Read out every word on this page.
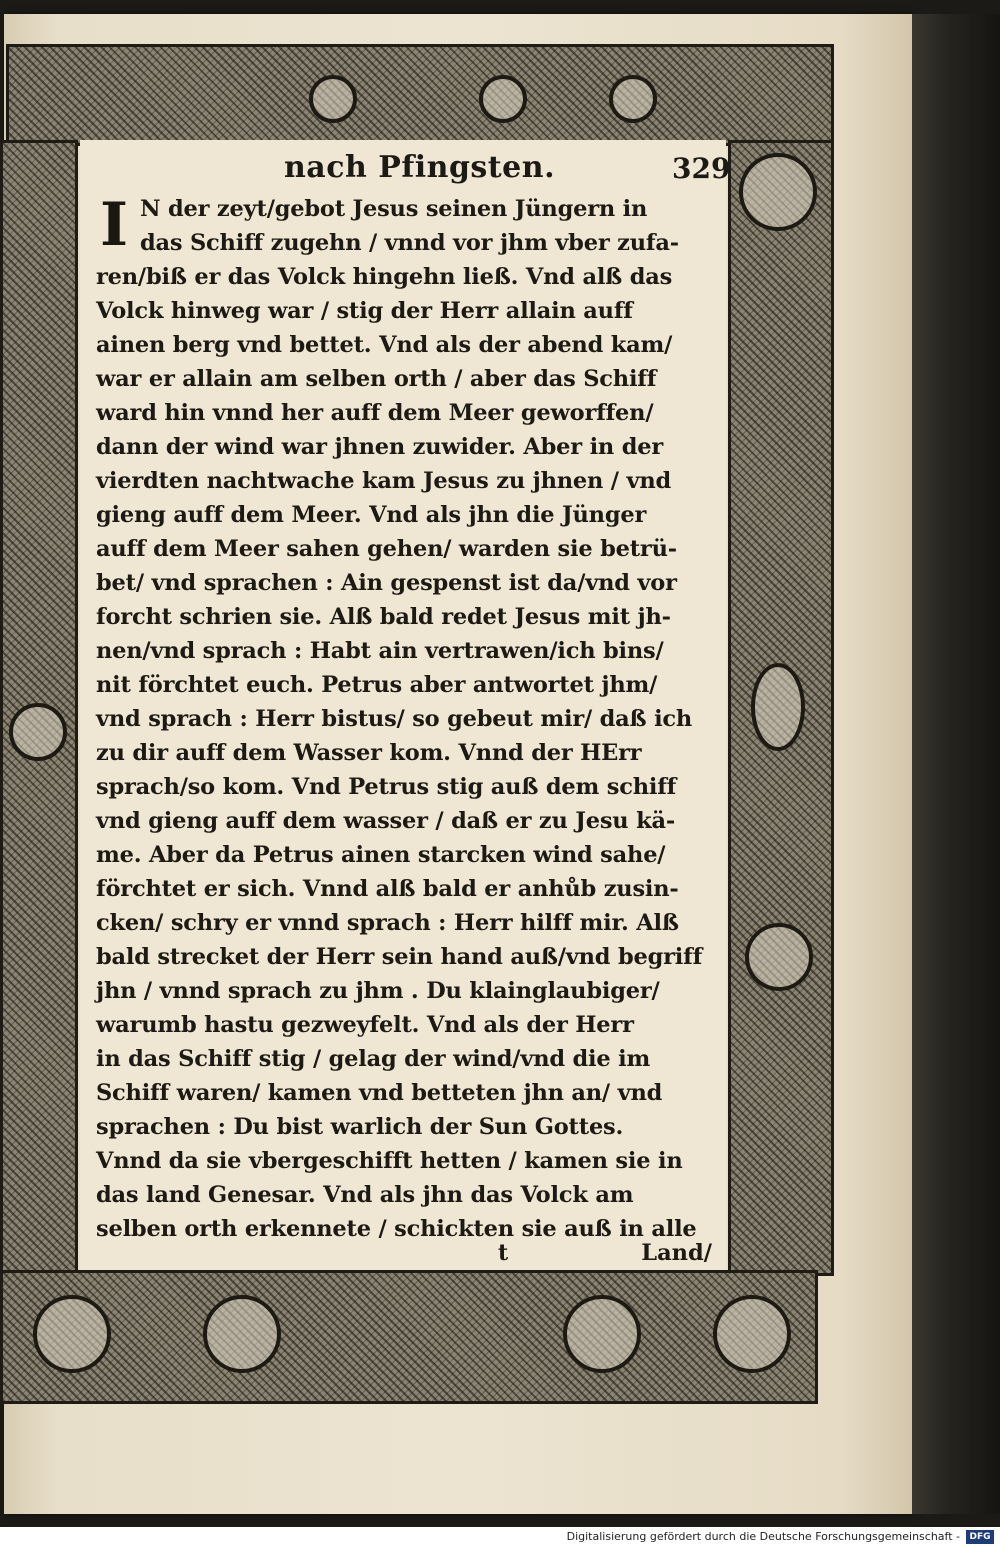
nach Pfingsten.	329
I N der zeyt/gebot Jesus seinen Jüngern in
das Schiff zugehn / vnnd vor jhm vber zufa-
ren/biß er das Volck hingehn ließ. Vnd alß das
Volck hinweg war / stig der Herr allain auff
ainen berg vnd bettet. Vnd als der abend kam/
war er allain am selben orth / aber das Schiff
ward hin vnnd her auff dem Meer geworffen/
dann der wind war jhnen zuwider. Aber in der
vierdten nachtwache kam Jesus zu jhnen / vnd
gieng auff dem Meer. Vnd als jhn die Jünger
auff dem Meer sahen gehen/ warden sie betrü-
bet/ vnd sprachen : Ain gespenst ist da/vnd vor
forcht schrien sie. Alß bald redet Jesus mit jh-
nen/vnd sprach : Habt ain vertrawen/ich bins/
nit förchtet euch. Petrus aber antwortet jhm/
vnd sprach : Herr bistus/ so gebeut mir/ daß ich
zu dir auff dem Wasser kom. Vnnd der HErr
sprach/so kom. Vnd Petrus stig auß dem schiff
vnd gieng auff dem wasser / daß er zu Jesu kä-
me. Aber da Petrus ainen starcken wind sahe/
förchtet er sich. Vnnd alß bald er anhůb zusin-
cken/ schry er vnnd sprach : Herr hilff mir. Alß
bald strecket der Herr sein hand auß/vnd begriff
jhn / vnnd sprach zu jhm . Du klainglaubiger/
warumb hastu gezweyfelt. Vnd als der Herr
in das Schiff stig / gelag der wind/vnd die im
Schiff waren/ kamen vnd betteten jhn an/ vnd
sprachen : Du bist warlich der Sun Gottes.
Vnnd da sie vbergeschifft hetten / kamen sie in
das land Genesar. Vnd als jhn das Volck am
selben orth erkennete / schickten sie auß in alle
t	Land/
Digitalisierung gefördert durch die Deutsche Forschungsgemeinschaft -	DFG
